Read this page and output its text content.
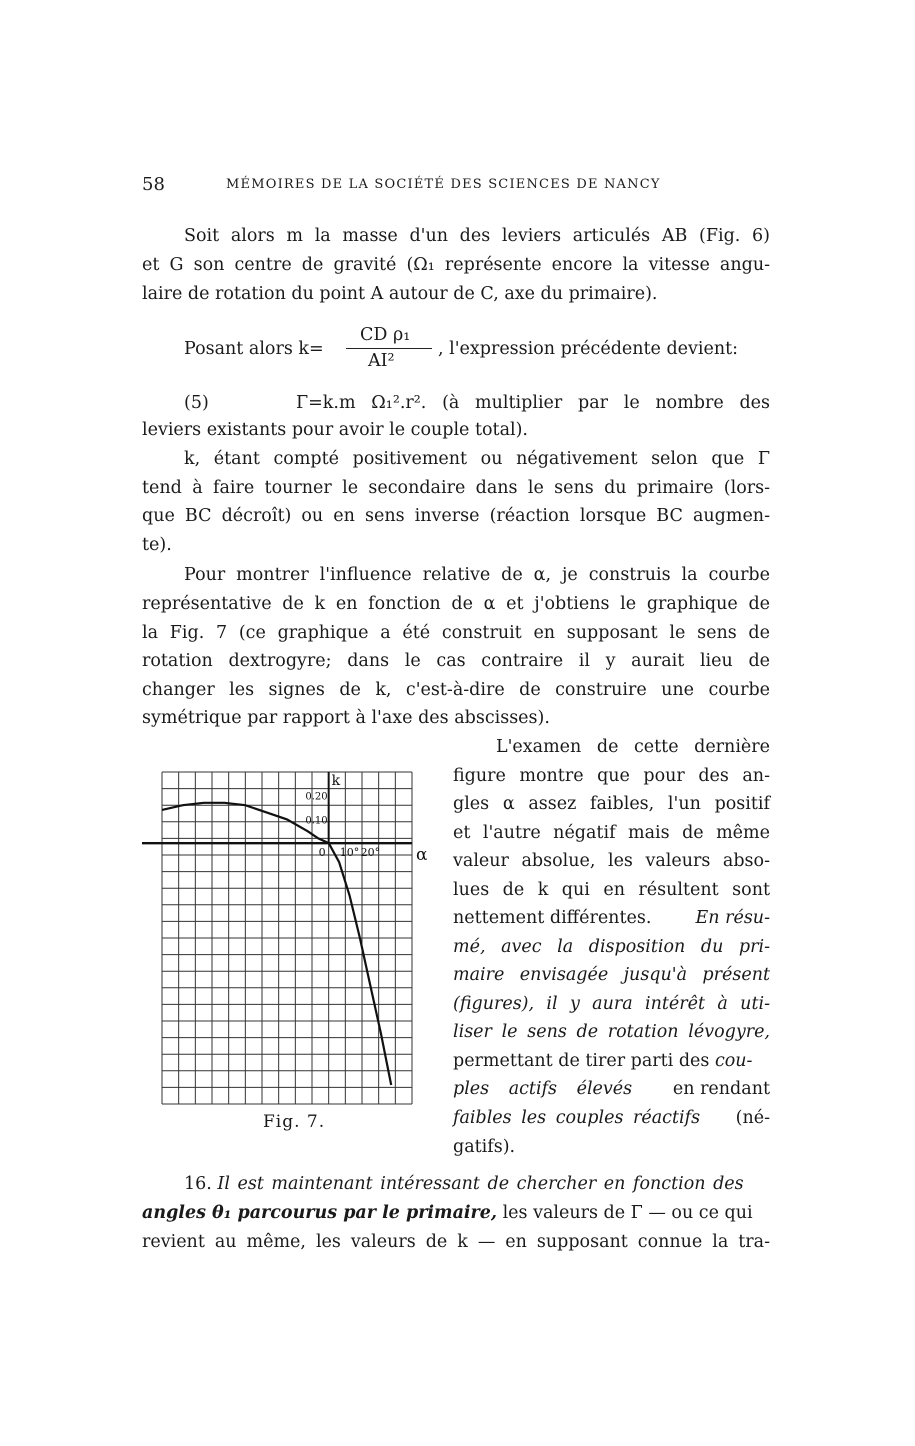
58	MÉMOIRES DE LA SOCIÉTÉ DES SCIENCES DE NANCY
Soit alors m la masse d'un des leviers articulés AB (Fig. 6)
et G son centre de gravité (Ω₁ représente encore la vitesse angu-
laire de rotation du point A autour de C, axe du primaire).
Posant alors k=
CD ρ₁
AI²
, l'expression précédente devient:
(5)	Γ=k.m Ω₁².r². (à multiplier par le nombre des
leviers existants pour avoir le couple total).
k, étant compté positivement ou négativement selon que Γ
tend à faire tourner le secondaire dans le sens du primaire (lors-
que BC décroît) ou en sens inverse (réaction lorsque BC augmen-
te).
Pour montrer l'influence relative de α, je construis la courbe
représentative de k en fonction de α et j'obtiens le graphique de
la Fig. 7 (ce graphique a été construit en supposant le sens de
rotation dextrogyre; dans le cas contraire il y aurait lieu de
changer les signes de k, c'est-à-dire de construire une courbe
symétrique par rapport à l'axe des abscisses).
L'examen de cette dernière
figure montre que pour des an-
gles α assez faibles, l'un positif
et l'autre négatif mais de même
valeur absolue, les valeurs abso-
lues de k qui en résultent sont
nettement différentes.	En résu-
mé, avec la disposition du pri-
maire envisagée jusqu'à présent
(figures), il y aura intérêt à uti-
liser le sens de rotation lévogyre,
permettant de tirer parti des cou-
ples actifs élevés en rendant
faibles les couples réactifs (né-
gatifs).
16. Il est maintenant intéressant de chercher en fonction des
angles θ₁ parcourus par le primaire, les valeurs de Γ — ou ce qui
revient au même, les valeurs de k — en supposant connue la tra-
0.20
0.10
k
α
0 10° 20°
Fig. 7.
